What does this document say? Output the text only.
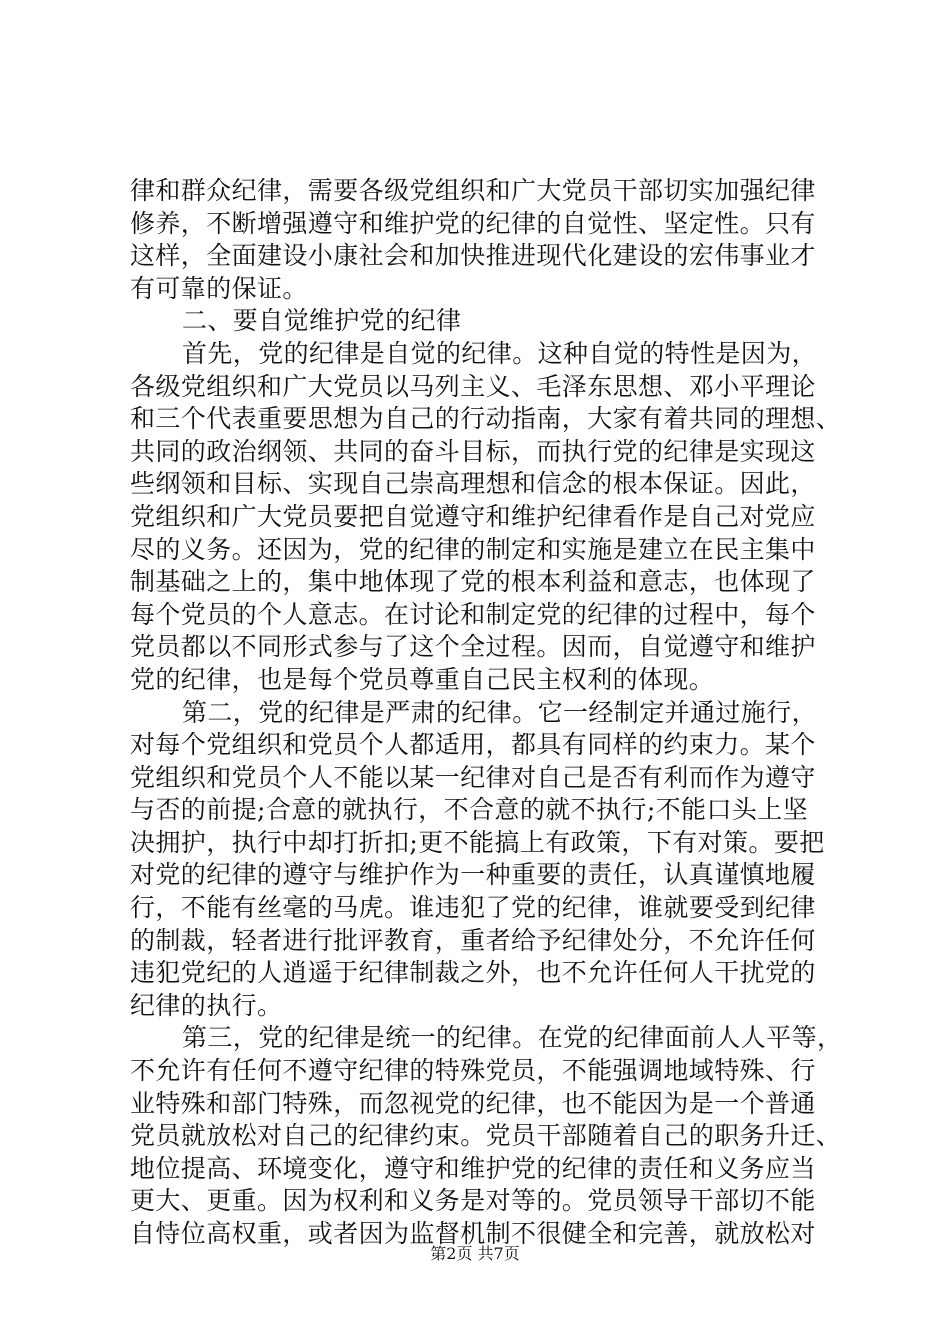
律和群众纪律，需要各级党组织和广大党员干部切实加强纪律
修养，不断增强遵守和维护党的纪律的自觉性、坚定性。只有
这样，全面建设小康社会和加快推进现代化建设的宏伟事业才
有可靠的保证。
二、要自觉维护党的纪律
首先，党的纪律是自觉的纪律。这种自觉的特性是因为，
各级党组织和广大党员以马列主义、毛泽东思想、邓小平理论
和三个代表重要思想为自己的行动指南，大家有着共同的理想、
共同的政治纲领、共同的奋斗目标，而执行党的纪律是实现这
些纲领和目标、实现自己崇高理想和信念的根本保证。因此，
党组织和广大党员要把自觉遵守和维护纪律看作是自己对党应
尽的义务。还因为，党的纪律的制定和实施是建立在民主集中
制基础之上的，集中地体现了党的根本利益和意志，也体现了
每个党员的个人意志。在讨论和制定党的纪律的过程中，每个
党员都以不同形式参与了这个全过程。因而，自觉遵守和维护
党的纪律，也是每个党员尊重自己民主权利的体现。
第二，党的纪律是严肃的纪律。它一经制定并通过施行，
对每个党组织和党员个人都适用，都具有同样的约束力。某个
党组织和党员个人不能以某一纪律对自己是否有利而作为遵守
与否的前提;合意的就执行，不合意的就不执行;不能口头上坚
决拥护，执行中却打折扣;更不能搞上有政策，下有对策。要把
对党的纪律的遵守与维护作为一种重要的责任，认真谨慎地履
行，不能有丝毫的马虎。谁违犯了党的纪律，谁就要受到纪律
的制裁，轻者进行批评教育，重者给予纪律处分，不允许任何
违犯党纪的人逍遥于纪律制裁之外，也不允许任何人干扰党的
纪律的执行。
第三，党的纪律是统一的纪律。在党的纪律面前人人平等，
不允许有任何不遵守纪律的特殊党员，不能强调地域特殊、行
业特殊和部门特殊，而忽视党的纪律，也不能因为是一个普通
党员就放松对自己的纪律约束。党员干部随着自己的职务升迁、
地位提高、环境变化，遵守和维护党的纪律的责任和义务应当
更大、更重。因为权利和义务是对等的。党员领导干部切不能
自恃位高权重，或者因为监督机制不很健全和完善，就放松对
第2页 共7页
